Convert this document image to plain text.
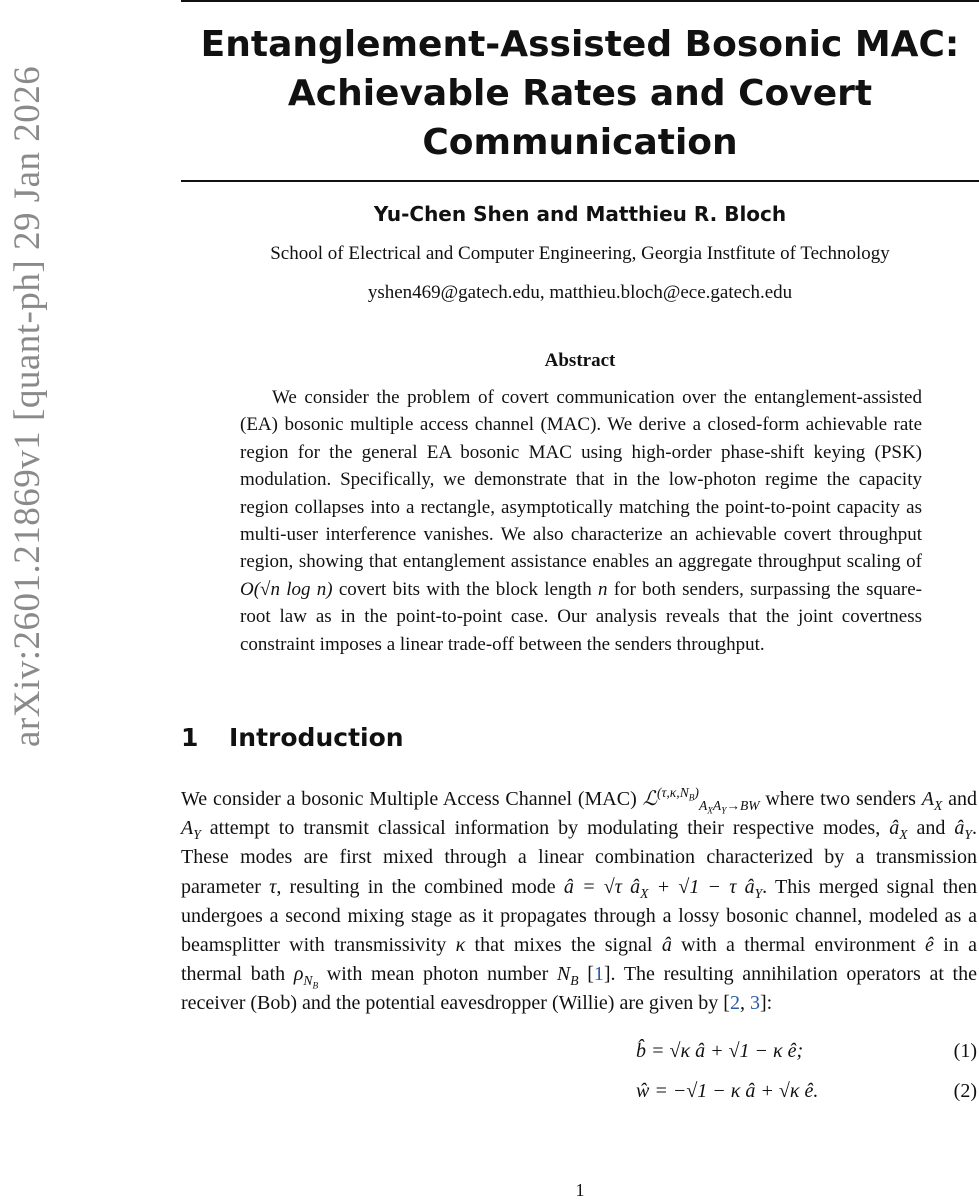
arXiv:2601.21869v1 [quant-ph] 29 Jan 2026
Entanglement-Assisted Bosonic MAC: Achievable Rates and Covert Communication

Yu-Chen Shen and Matthieu R. Bloch

School of Electrical and Computer Engineering, Georgia Instfitute of Technology

yshen469@gatech.edu, matthieu.bloch@ece.gatech.edu

Abstract

We consider the problem of covert communication over the entanglement-assisted (EA) bosonic multiple access channel (MAC). We derive a closed-form achievable rate region for the general EA bosonic MAC using high-order phase-shift keying (PSK) modulation. Specifically, we demonstrate that in the low-photon regime the capacity region collapses into a rectangle, asymptotically matching the point-to-point capacity as multi-user interference vanishes. We also characterize an achievable covert throughput region, showing that entanglement assistance enables an aggregate throughput scaling of O(√n log n) covert bits with the block length n for both senders, surpassing the square-root law as in the point-to-point case. Our analysis reveals that the joint covertness constraint imposes a linear trade-off between the senders throughput.

1 Introduction

We consider a bosonic Multiple Access Channel (MAC) ℒ$^{(\tau,\kappa,N_B)}_{A_XA_Y\to BW}$ where two senders $A_X$ and $A_Y$ attempt to transmit classical information by modulating their respective modes, $â_X$ and $â_Y$. These modes are first mixed through a linear combination characterized by a transmission parameter τ, resulting in the combined mode â = √τ $â_X + √1 - \tau$ $â_Y$. This merged signal then undergoes a second mixing stage as it propagates through a lossy bosonic channel, modeled as a beamsplitter with transmissivity κ that mixes the signal â with a thermal environment ê in a thermal bath $\rho_{N_B}$ with mean photon number $N_B$ [1]. The resulting annihilation operators at the receiver (Bob) and the potential eavesdropper (Willie) are given by [2, 3]:

b̂ = √κ â + √1 − κ ê;	(1)
ŵ = −√1 − κ â + √κ ê.	(2)

1
